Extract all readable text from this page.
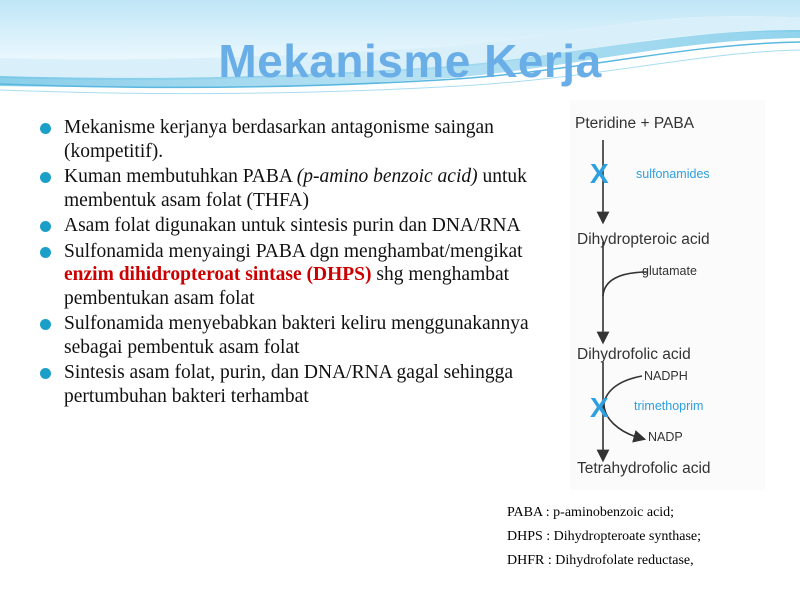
Mekanisme Kerja
Mekanisme kerjanya berdasarkan antagonisme saingan (kompetitif).
Kuman membutuhkan PABA (p-amino benzoic acid) untuk membentuk asam folat (THFA)
Asam folat digunakan untuk sintesis purin dan DNA/RNA
Sulfonamida menyaingi PABA dgn menghambat/mengikat enzim dihidropteroat sintase (DHPS) shg menghambat pembentukan asam folat
Sulfonamida menyebabkan bakteri keliru menggunakannya sebagai pembentuk asam folat
Sintesis asam folat, purin, dan DNA/RNA gagal sehingga pertumbuhan bakteri terhambat
Pteridine + PABA
X sulfonamides
Dihydropteroic acid
glutamate
Dihydrofolic acid
NADPH
X trimethoprim
NADP
Tetrahydrofolic acid
PABA : p-aminobenzoic acid;
DHPS : Dihydropteroate synthase;
DHFR : Dihydrofolate reductase,
